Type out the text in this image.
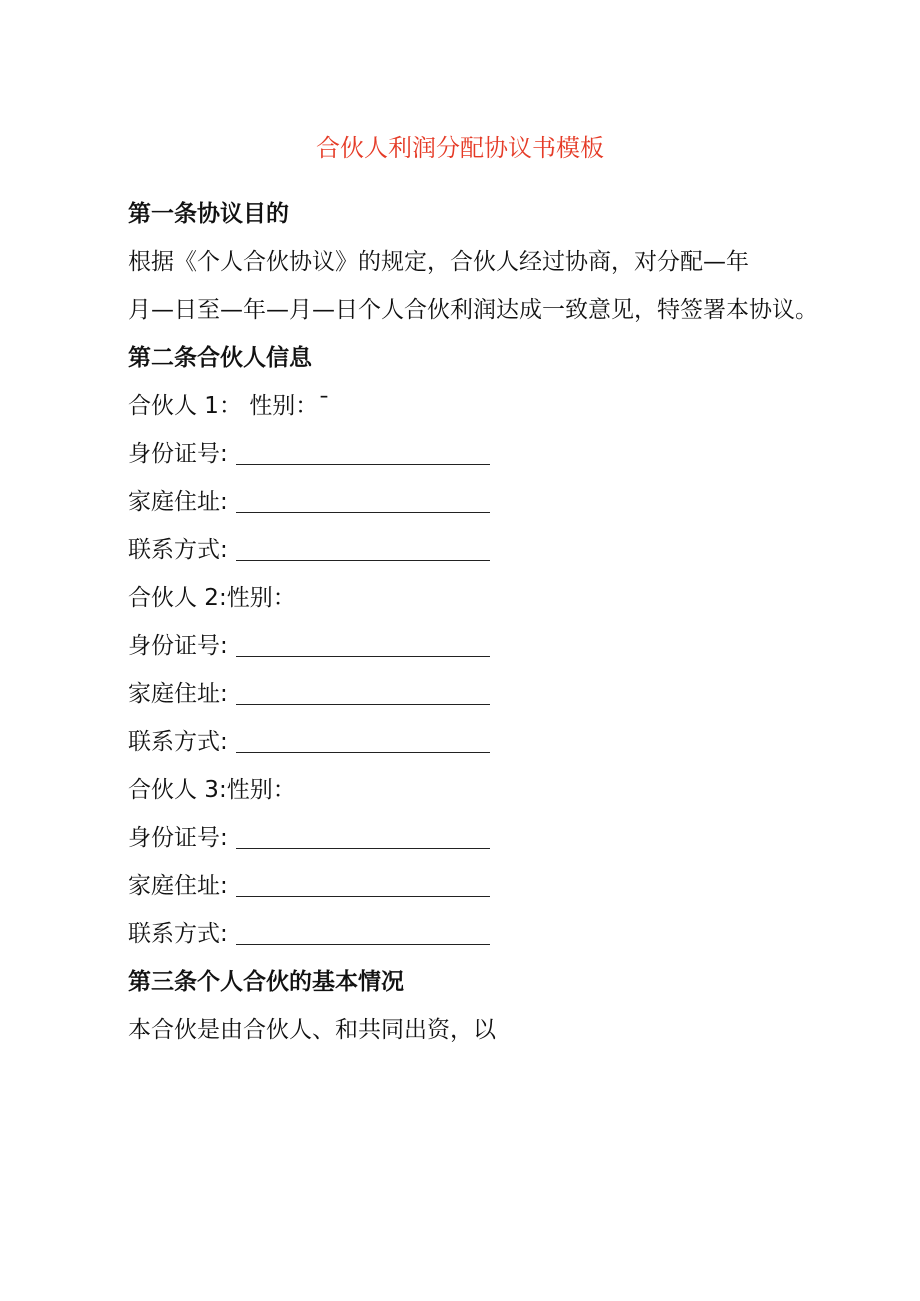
合伙人利润分配协议书模板
第一条协议目的
根据《个人合伙协议》的规定，合伙人经过协商，对分配—年
月—日至—年—月—日个人合伙利润达成一致意见，特签署本协议。
第二条合伙人信息
合伙人 1： 性别：¯
身份证号:
家庭住址:
联系方式:
合伙人 2:性别：
身份证号:
家庭住址:
联系方式:
合伙人 3:性别：
身份证号:
家庭住址:
联系方式:
第三条个人合伙的基本情况
本合伙是由合伙人、和共同出资，以
